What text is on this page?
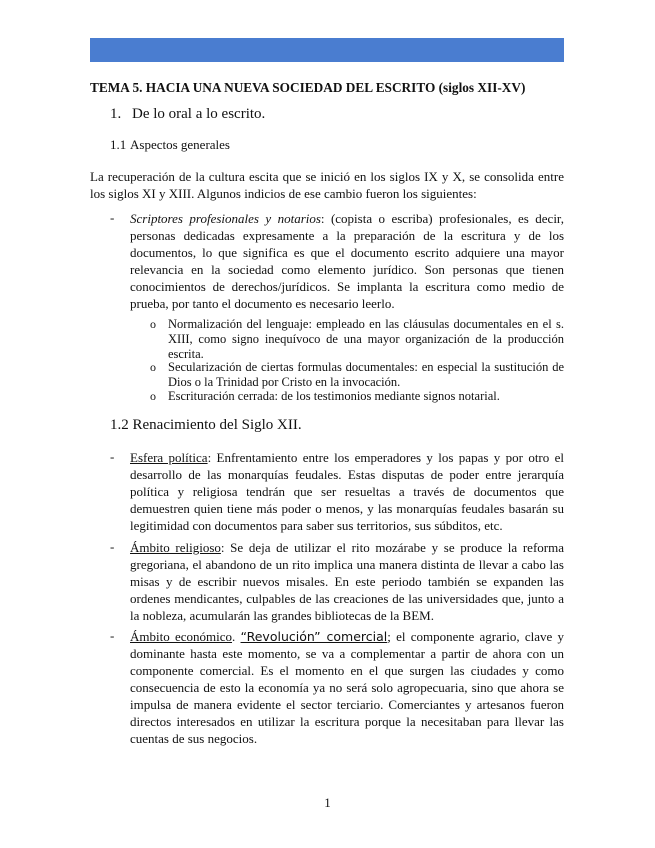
TEMA 5. HACIA UNA NUEVA SOCIEDAD DEL ESCRITO (siglos XII-XV)
1. De lo oral a lo escrito.
1.1 Aspectos generales
La recuperación de la cultura escita que se inició en los siglos IX y X, se consolida entre los siglos XI y XIII. Algunos indicios de ese cambio fueron los siguientes:
- Scriptores profesionales y notarios: (copista o escriba) profesionales, es decir, personas dedicadas expresamente a la preparación de la escritura y de los documentos, lo que significa es que el documento escrito adquiere una mayor relevancia en la sociedad como elemento jurídico. Son personas que tienen conocimientos de derechos/jurídicos. Se implanta la escritura como medio de prueba, por tanto el documento es necesario leerlo.
o Normalización del lenguaje: empleado en las cláusulas documentales en el s. XIII, como signo inequívoco de una mayor organización de la producción escrita.
o Secularización de ciertas formulas documentales: en especial la sustitución de Dios o la Trinidad por Cristo en la invocación.
o Escrituración cerrada: de los testimonios mediante signos notarial.
1.2 Renacimiento del Siglo XII.
- Esfera política: Enfrentamiento entre los emperadores y los papas y por otro el desarrollo de las monarquías feudales. Estas disputas de poder entre jerarquía política y religiosa tendrán que ser resueltas a través de documentos que demuestren quien tiene más poder o menos, y las monarquías feudales basarán su legitimidad con documentos para saber sus territorios, sus súbditos, etc.
- Ámbito religioso: Se deja de utilizar el rito mozárabe y se produce la reforma gregoriana, el abandono de un rito implica una manera distinta de llevar a cabo las misas y de escribir nuevos misales. En este periodo también se expanden las ordenes mendicantes, culpables de las creaciones de las universidades que, junto a la nobleza, acumularán las grandes bibliotecas de la BEM.
- Ámbito económico. “Revolución” comercial; el componente agrario, clave y dominante hasta este momento, se va a complementar a partir de ahora con un componente comercial. Es el momento en el que surgen las ciudades y como consecuencia de esto la economía ya no será solo agropecuaria, sino que ahora se impulsa de manera evidente el sector terciario. Comerciantes y artesanos fueron directos interesados en utilizar la escritura porque la necesitaban para llevar las cuentas de sus negocios.
1
